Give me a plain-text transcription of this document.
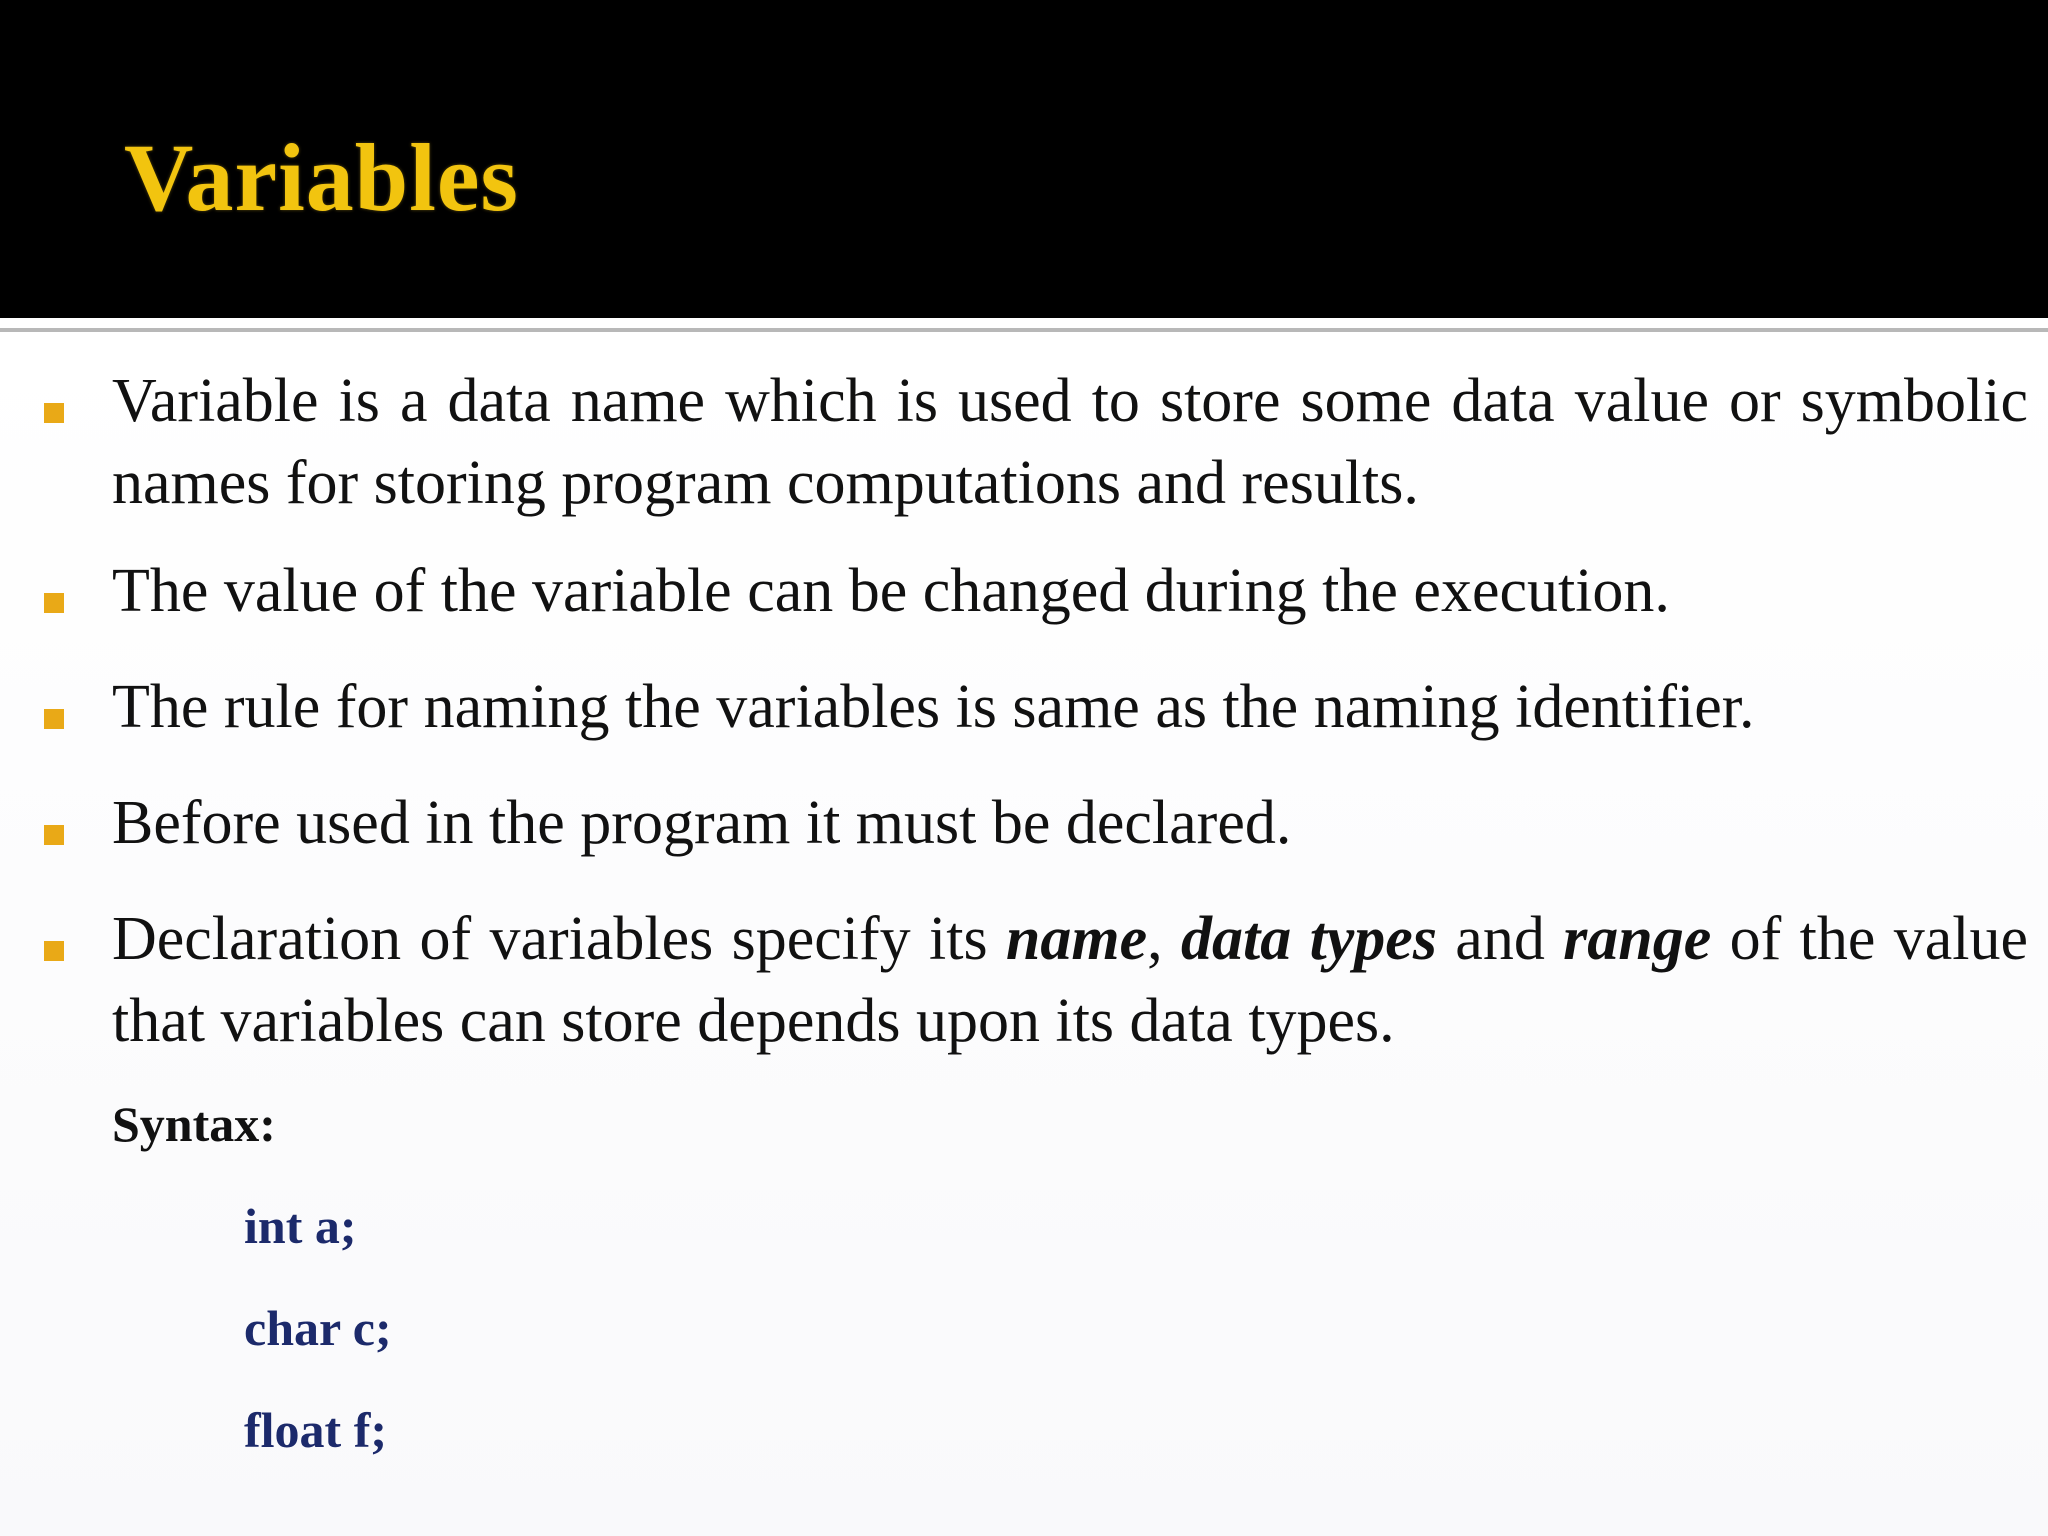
Variables

Variable is a data name which is used to store some data value or symbolic names for storing program computations and results.

The value of the variable can be changed during the execution.

The rule for naming the variables is same as the naming identifier.

Before used in the program it must be declared.

Declaration of variables specify its name, data types and range of the value that variables can store depends upon its data types.

Syntax:

int a;
char c;
float f;
